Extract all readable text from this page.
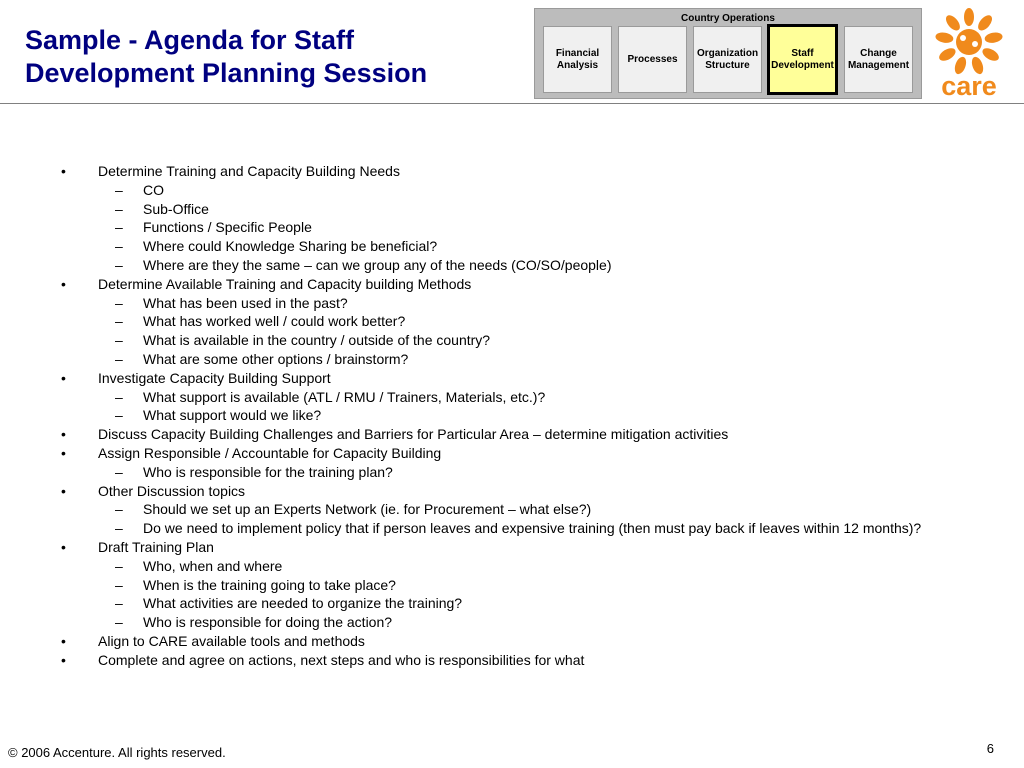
Sample - Agenda for Staff
Development Planning Session
Country Operations
Financial
Analysis
Processes
Organization
Structure
Staff
Development
Change
Management
care
• Determine Training and Capacity Building Needs
– CO
– Sub-Office
– Functions / Specific People
– Where could Knowledge Sharing be beneficial?
– Where are they the same – can we group any of the needs (CO/SO/people)
• Determine Available Training and Capacity building Methods
– What has been used in the past?
– What has worked well / could work better?
– What is available in the country / outside of the country?
– What are some other options / brainstorm?
• Investigate Capacity Building Support
– What support is available (ATL / RMU / Trainers, Materials, etc.)?
– What support would we like?
• Discuss Capacity Building Challenges and Barriers for Particular Area – determine mitigation activities
• Assign Responsible / Accountable for Capacity Building
– Who is responsible for the training plan?
• Other Discussion topics
– Should we set up an Experts Network (ie. for Procurement – what else?)
– Do we need to implement policy that if person leaves and expensive training (then must pay back if leaves within 12 months)?
• Draft Training Plan
– Who, when and where
– When is the training going to take place?
– What activities are needed to organize the training?
– Who is responsible for doing the action?
• Align to CARE available tools and methods
• Complete and agree on actions, next steps and who is responsibilities for what
© 2006 Accenture. All rights reserved.	6
